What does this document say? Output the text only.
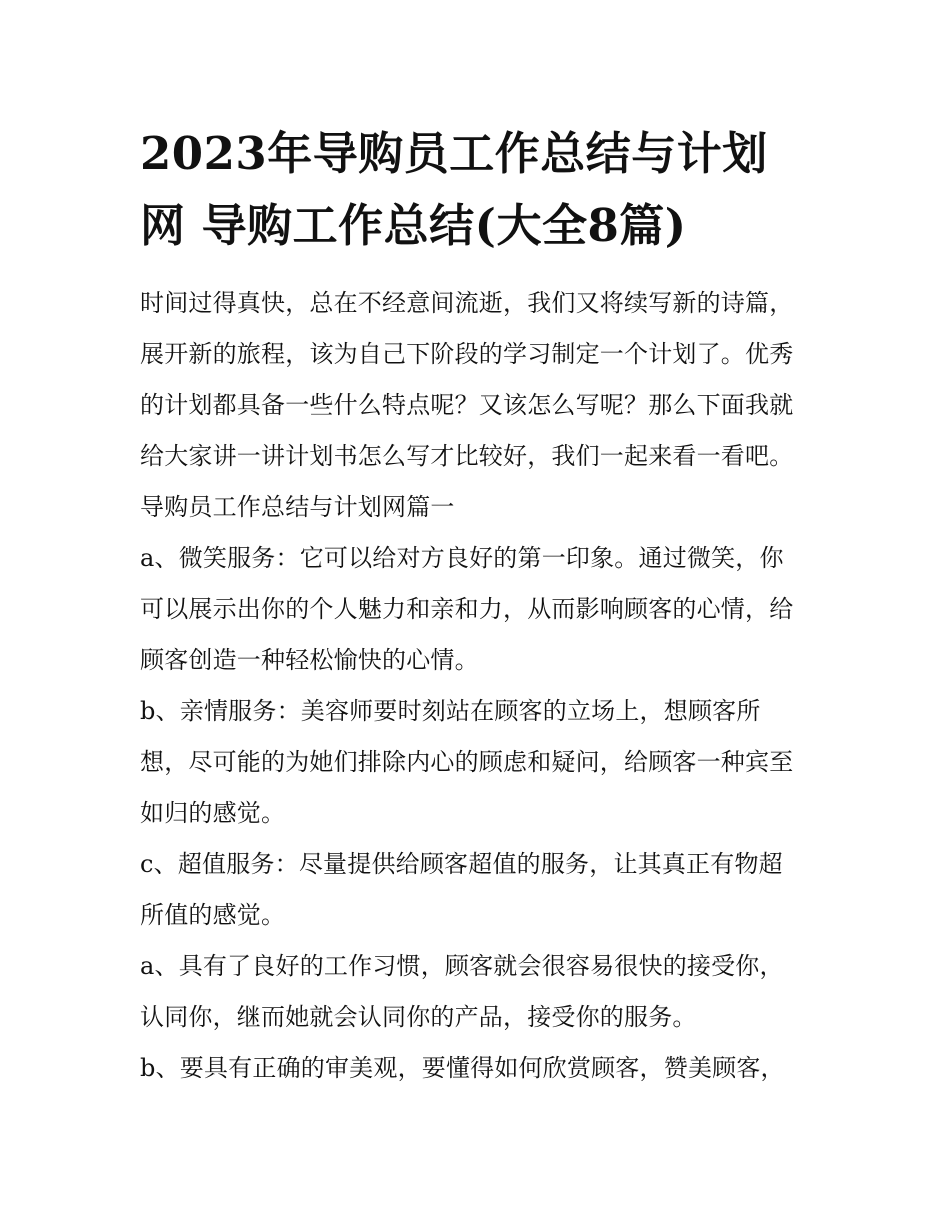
2023年导购员工作总结与计划
网 导购工作总结(大全8篇)

时间过得真快，总在不经意间流逝，我们又将续写新的诗篇，
展开新的旅程，该为自己下阶段的学习制定一个计划了。优秀
的计划都具备一些什么特点呢？又该怎么写呢？那么下面我就
给大家讲一讲计划书怎么写才比较好，我们一起来看一看吧。

导购员工作总结与计划网篇一

a、微笑服务：它可以给对方良好的第一印象。通过微笑，你
可以展示出你的个人魅力和亲和力，从而影响顾客的心情，给
顾客创造一种轻松愉快的心情。

b、亲情服务：美容师要时刻站在顾客的立场上，想顾客所
想，尽可能的为她们排除内心的顾虑和疑问，给顾客一种宾至
如归的感觉。

c、超值服务：尽量提供给顾客超值的服务，让其真正有物超
所值的感觉。

a、具有了良好的工作习惯，顾客就会很容易很快的接受你，
认同你，继而她就会认同你的产品，接受你的服务。

b、要具有正确的审美观，要懂得如何欣赏顾客，赞美顾客，
